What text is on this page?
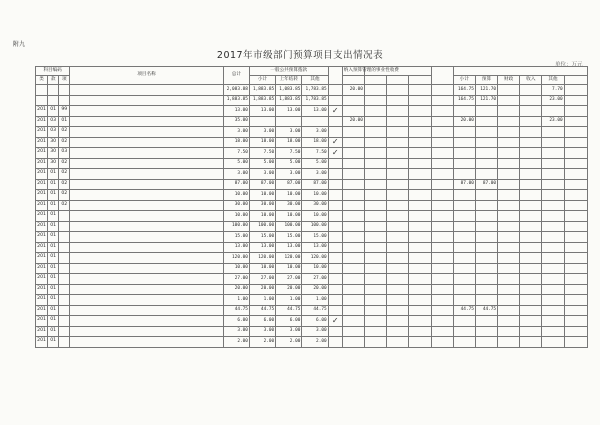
附九
2017年市级部门预算项目支出情况表
单位：万元
科目编码			项目名称	总计	一般公共预算拨款				纳入预算管理的事业性收费										
类	款	项			小计	上年结转	其他							小计	预算	财政	收入	其他	

				2,083.88	1,883.85	1,083.85	1,783.85		20.00					164.75	121.70			7.70	
				1,883.85	1,883.85	1,883.85	1,783.85							164.75	121.70			23.00	
201	01	99		13.00	13.00	13.00	13.00	✓											
201	03	01		35.00					20.00					20.00				23.00	
201	03	02		3.00	3.00	3.00	3.00												
201	30	02		18.00	18.00	18.00	18.00	✓											
201	30	03		7.50	7.50	7.50	7.50	✓											
201	30	02		5.00	5.00	5.00	5.00												
201	01	02		3.00	3.00	3.00	3.00												
201	01	02		87.00	87.00	87.00	87.00							87.00	87.00				
201	01	02		10.00	10.00	10.00	10.00												
201	01	02		30.00	30.00	30.00	30.00												
201	01			10.00	10.00	10.00	10.00												
201	01			100.00	100.00	100.00	100.00												
201	01			15.00	15.00	15.00	15.00												
201	01			13.00	13.00	13.00	13.00												
201	01			120.00	120.00	120.00	120.00												
201	01			10.00	10.00	10.00	10.00												
201	01			27.00	27.00	27.00	27.00												
201	01			20.00	20.00	20.00	20.00												
201	01			1.00	1.00	1.00	1.00												
201	01			44.75	44.75	44.75	44.75							44.75	44.75				
201	01			6.00	6.00	6.00	6.00	✓											
201	01			3.00	3.00	3.00	3.00												
201	01			2.00	2.00	2.00	2.00												
